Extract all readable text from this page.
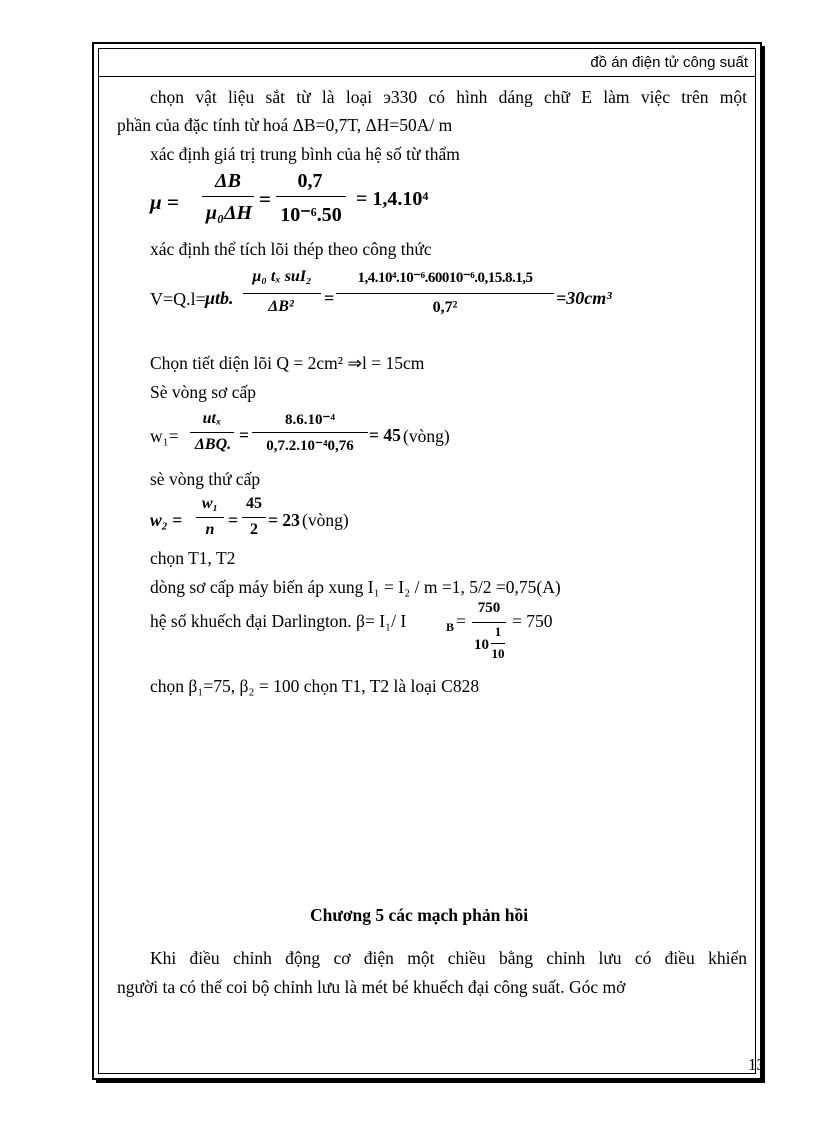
đồ án điện tử công suất
chọn vật liệu sắt từ là loại э330 có hình dáng chữ E làm việc trên một
phần của đặc tính từ hoá ΔB=0,7T, ΔH=50A/ m
xác định giá trị trung bình của hệ số từ thẩm
μ =
ΔB
μ₀ΔH
=
0,7
10⁻⁶.50
= 1,4.10⁴
xác định thể tích lõi thép theo công thức
V=Q.l= μtb.
μ₀ tₓ suI₂
ΔB²	=
1,4.10⁴.10⁻⁶.60010⁻⁶.0,15.8.1,5
0,7²	=30cm³
Chọn tiết diện lõi Q = 2cm² ⇒l = 15cm
Sè vòng sơ cấp
w₁=
utₓ
ΔBQ. =
8.6.10⁻⁴
0,7.2.10⁻⁴0,76
= 45 (vòng)
sè vòng thứ cấp
w₂ =
w₁
n =
45
2 = 23 (vòng)
chọn T1, T2
dòng sơ cấp máy biến áp xung I₁ = I₂ / m =1, 5/2 =0,75(A)
hệ số khuếch đại Darlington. β= I₁/ I	B =
750
10
1
10
= 750
chọn β₁=75, β₂ = 100 chọn T1, T2 là loại C828
Chương 5 các mạch phản hồi
Khi điều chỉnh động cơ điện một chiều bằng chỉnh lưu có điều khiển
người ta có thể coi bộ chỉnh lưu là mét bé khuếch đại công suất. Góc mở
13
